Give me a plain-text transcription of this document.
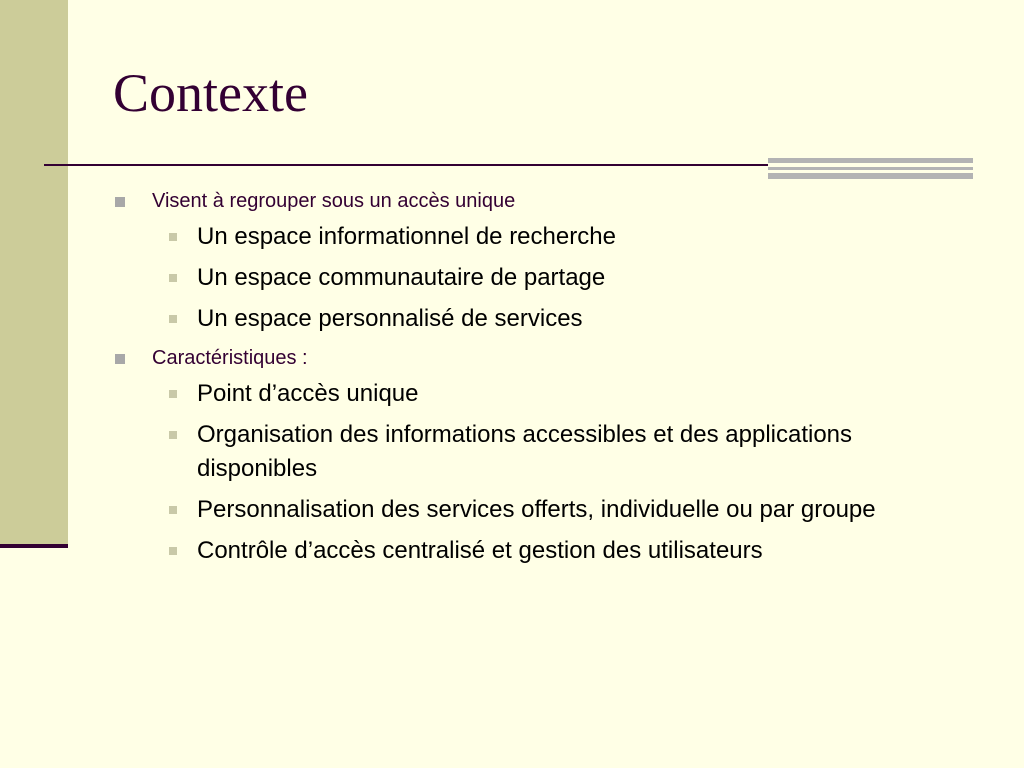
Contexte
Visent à regrouper sous un accès unique
Un espace informationnel de recherche
Un espace communautaire de partage
Un espace personnalisé de services
Caractéristiques :
Point d’accès unique
Organisation des informations accessibles et des applications disponibles
Personnalisation des services offerts, individuelle ou par groupe
Contrôle d’accès centralisé et gestion des utilisateurs
